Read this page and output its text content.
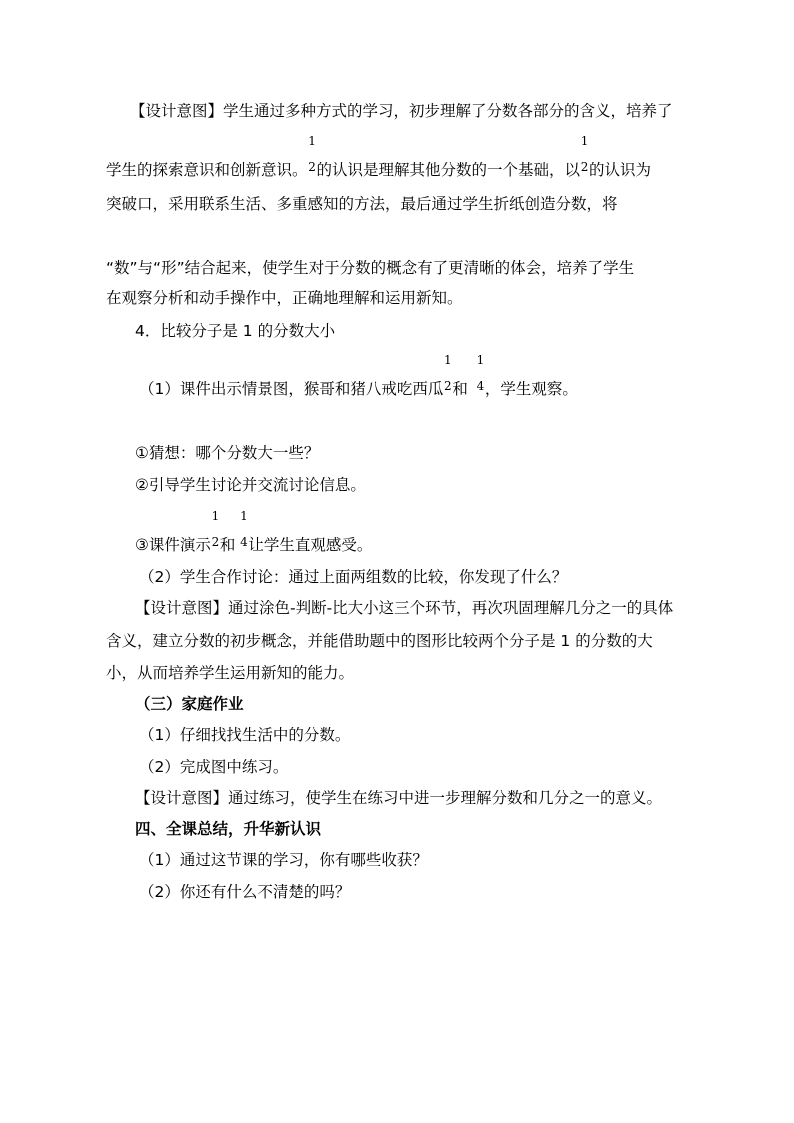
【设计意图】学生通过多种方式的学习，初步理解了分数各部分的含义，培养了
学生的探索意识和创新意识。
1
2 的认识是理解其他分数的一个基础，以
1
2 的认识为
突破口，采用联系生活、多重感知的方法，最后通过学生折纸创造分数，将
“数”与“形”结合起来，使学生对于分数的概念有了更清晰的体会，培养了学生
在观察分析和动手操作中，正确地理解和运用新知。
4．比较分子是 1 的分数大小
（1）课件出示情景图，猴哥和猪八戒吃西瓜
1
2 和
1
4 ，学生观察。
①猜想：哪个分数大一些？
②引导学生讨论并交流讨论信息。
③课件演示
1
2 和
1
4 让学生直观感受。
（2）学生合作讨论：通过上面两组数的比较，你发现了什么？
【设计意图】通过涂色-判断-比大小这三个环节，再次巩固理解几分之一的具体
含义，建立分数的初步概念，并能借助题中的图形比较两个分子是 1 的分数的大
小，从而培养学生运用新知的能力。
（三）家庭作业
（1）仔细找找生活中的分数。
（2）完成图中练习。
【设计意图】通过练习，使学生在练习中进一步理解分数和几分之一的意义。
四、全课总结，升华新认识
（1）通过这节课的学习，你有哪些收获？
（2）你还有什么不清楚的吗？
